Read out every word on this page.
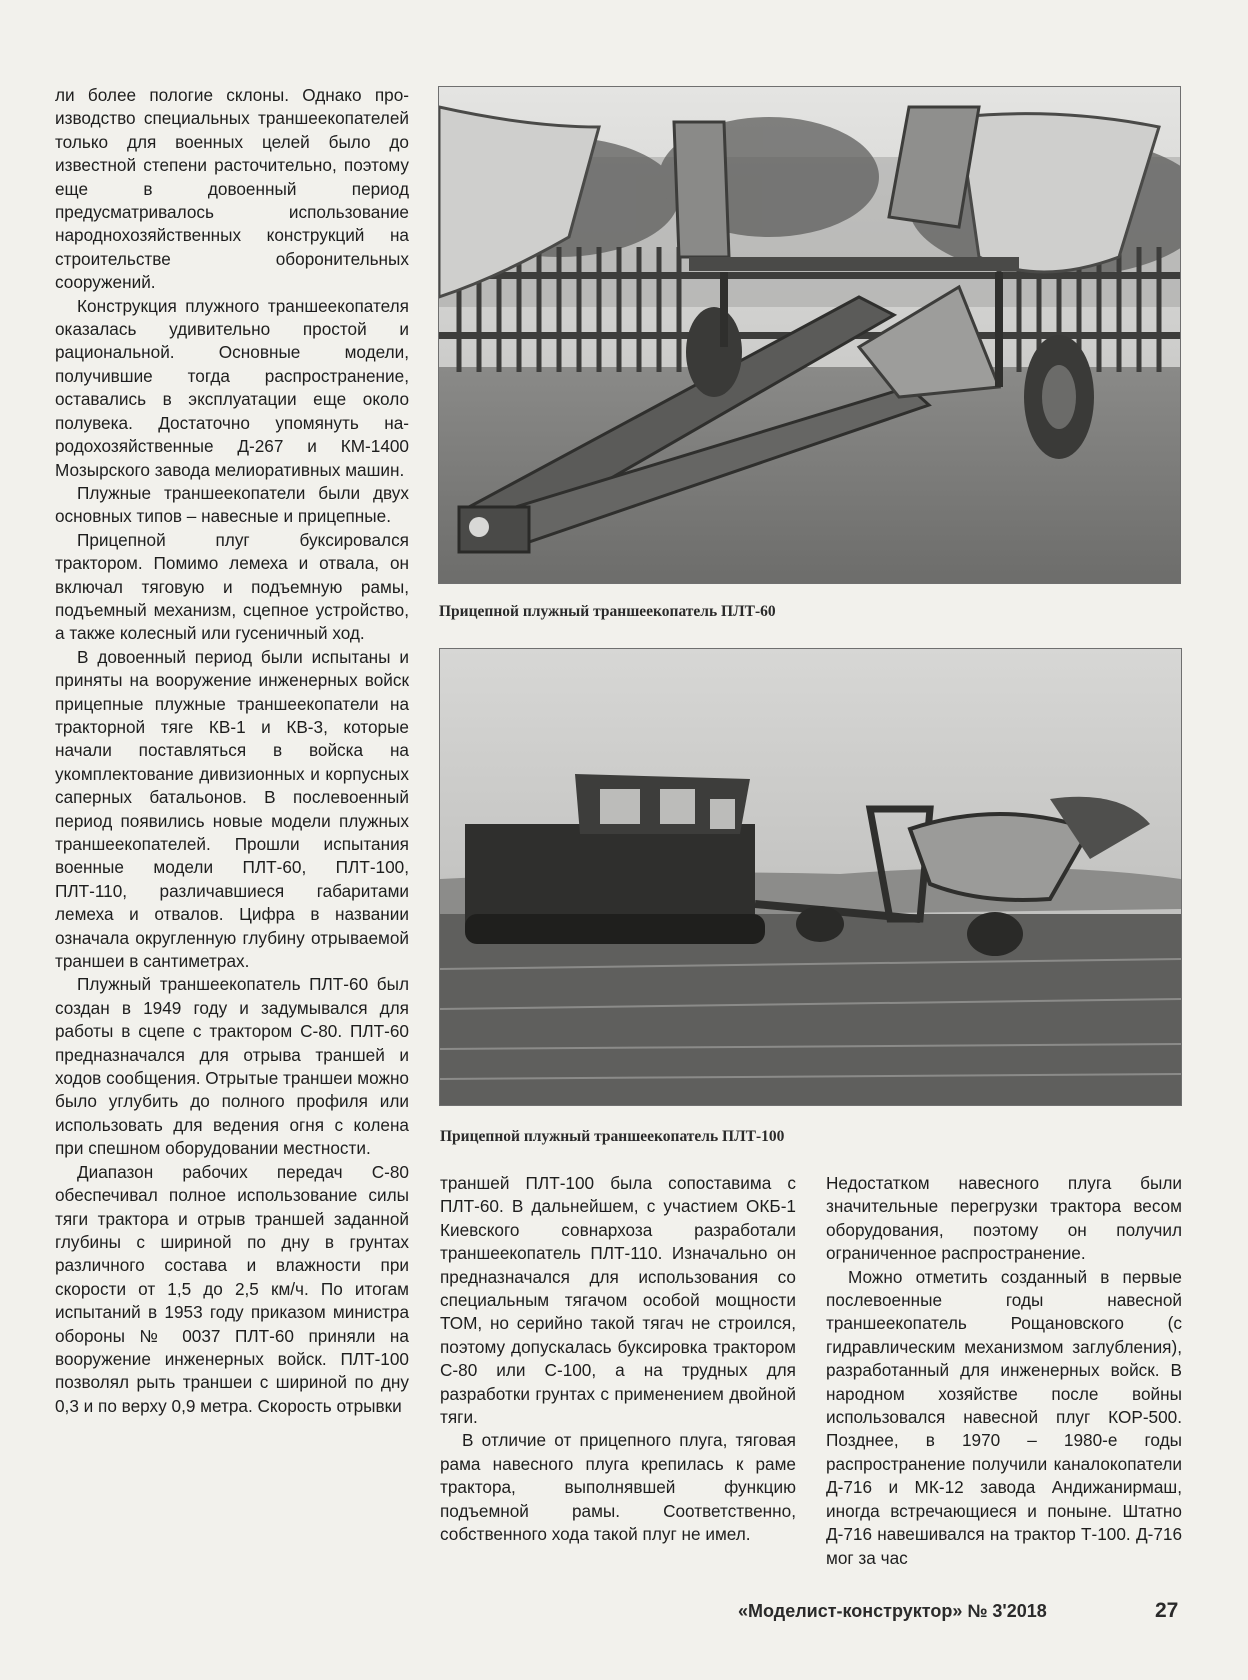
ли более пологие склоны. Однако производство специальных траншеекопателей только для военных целей было до известной степени расточительно, поэтому еще в довоенный период предусматривалось использование народнохозяйственных конструкций на строительстве оборонительных сооружений.

Конструкция плужного траншеекопателя оказалась удивительно простой и рациональной. Основные модели, получившие тогда распространение, оставались в эксплуатации еще около полувека. Достаточно упомянуть народохозяйственные Д-267 и КМ-1400 Мозырского завода мелиоративных машин.

Плужные траншеекопатели были двух основных типов – навесные и прицепные.

Прицепной плуг буксировался трактором. Помимо лемеха и отвала, он включал тяговую и подъемную рамы, подъемный механизм, сцепное устройство, а также колесный или гусеничный ход.

В довоенный период были испытаны и приняты на вооружение инженерных войск прицепные плужные траншеекопатели на тракторной тяге КВ-1 и КВ-3, которые начали поставляться в войска на укомплектование дивизионных и корпусных саперных батальонов. В послевоенный период появились новые модели плужных траншеекопателей. Прошли испытания военные модели ПЛТ-60, ПЛТ-100, ПЛТ-110, различавшиеся габаритами лемеха и отвалов. Цифра в названии означала округленную глубину отрываемой траншеи в сантиметрах.

Плужный траншеекопатель ПЛТ-60 был создан в 1949 году и задумывался для работы в сцепе с трактором С-80. ПЛТ-60 предназначался для отрыва траншей и ходов сообщения. Отрытые траншеи можно было углубить до полного профиля или использовать для ведения огня с колена при спешном оборудовании местности.

Диапазон рабочих передач С-80 обеспечивал полное использование силы тяги трактора и отрыв траншей заданной глубины с шириной по дну в грунтах различного состава и влажности при скорости от 1,5 до 2,5 км/ч. По итогам испытаний в 1953 году приказом министра обороны № 0037 ПЛТ-60 приняли на вооружение инженерных войск. ПЛТ-100 позволял рыть траншеи с шириной по дну 0,3 и по верху 0,9 метра. Скорость отрывки

Прицепной плужный траншеекопатель ПЛТ-60
Прицепной плужный траншеекопатель ПЛТ-100

траншей ПЛТ-100 была сопоставима с ПЛТ-60. В дальнейшем, с участием ОКБ-1 Киевского совнархоза разработали траншеекопатель ПЛТ-110. Изначально он предназначался для использования со специальным тягачом особой мощности ТОМ, но серийно такой тягач не строился, поэтому допускалась буксировка трактором С-80 или С-100, а на трудных для разработки грунтах с применением двойной тяги.

В отличие от прицепного плуга, тяговая рама навесного плуга крепилась к раме трактора, выполнявшей функцию подъемной рамы. Соответственно, собственного хода такой плуг не имел.

Недостатком навесного плуга были значительные перегрузки трактора весом оборудования, поэтому он получил ограниченное распространение.

Можно отметить созданный в первые послевоенные годы навесной траншеекопатель Рощановского (с гидравлическим механизмом заглубления), разработанный для инженерных войск. В народном хозяйстве после войны использовался навесной плуг КОР-500. Позднее, в 1970 – 1980-е годы распространение получили каналокопатели Д-716 и МК-12 завода Андижанирмаш, иногда встречающиеся и поныне. Штатно Д-716 навешивался на трактор Т-100. Д-716 мог за час

«Моделист-конструктор» № 3'2018	27
